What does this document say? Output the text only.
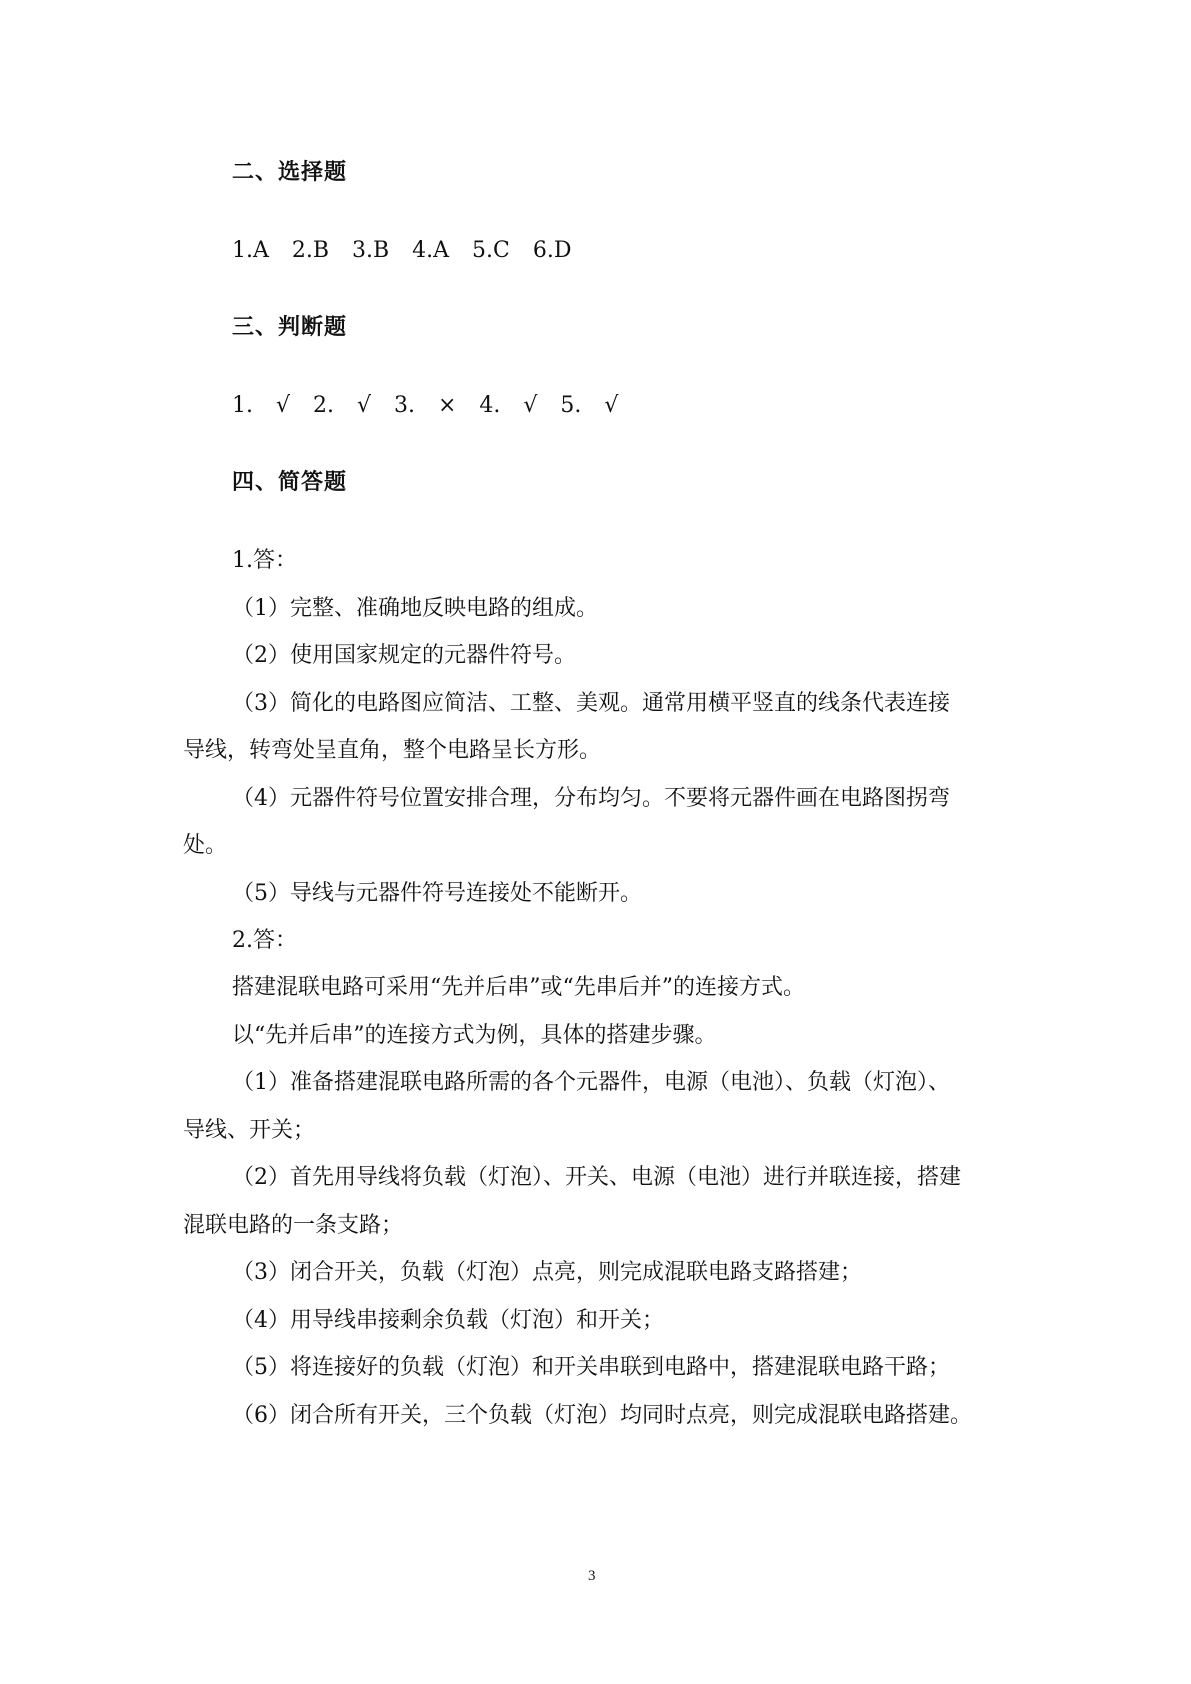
二、选择题
1.A 2.B 3.B 4.A 5.C 6.D
三、判断题
1. √ 2. √ 3. × 4. √ 5. √
四、简答题
1.答：
（1）完整、准确地反映电路的组成。
（2）使用国家规定的元器件符号。
（3）简化的电路图应简洁、工整、美观。通常用横平竖直的线条代表连接
导线，转弯处呈直角，整个电路呈长方形。
（4）元器件符号位置安排合理，分布均匀。不要将元器件画在电路图拐弯
处。
（5）导线与元器件符号连接处不能断开。
2.答：
搭建混联电路可采用“先并后串”或“先串后并”的连接方式。
以“先并后串”的连接方式为例，具体的搭建步骤。
（1）准备搭建混联电路所需的各个元器件，电源（电池）、负载（灯泡）、
导线、开关；
（2）首先用导线将负载（灯泡）、开关、电源（电池）进行并联连接，搭建
混联电路的一条支路；
（3）闭合开关，负载（灯泡）点亮，则完成混联电路支路搭建；
（4）用导线串接剩余负载（灯泡）和开关；
（5）将连接好的负载（灯泡）和开关串联到电路中，搭建混联电路干路；
（6）闭合所有开关，三个负载（灯泡）均同时点亮，则完成混联电路搭建。
3
